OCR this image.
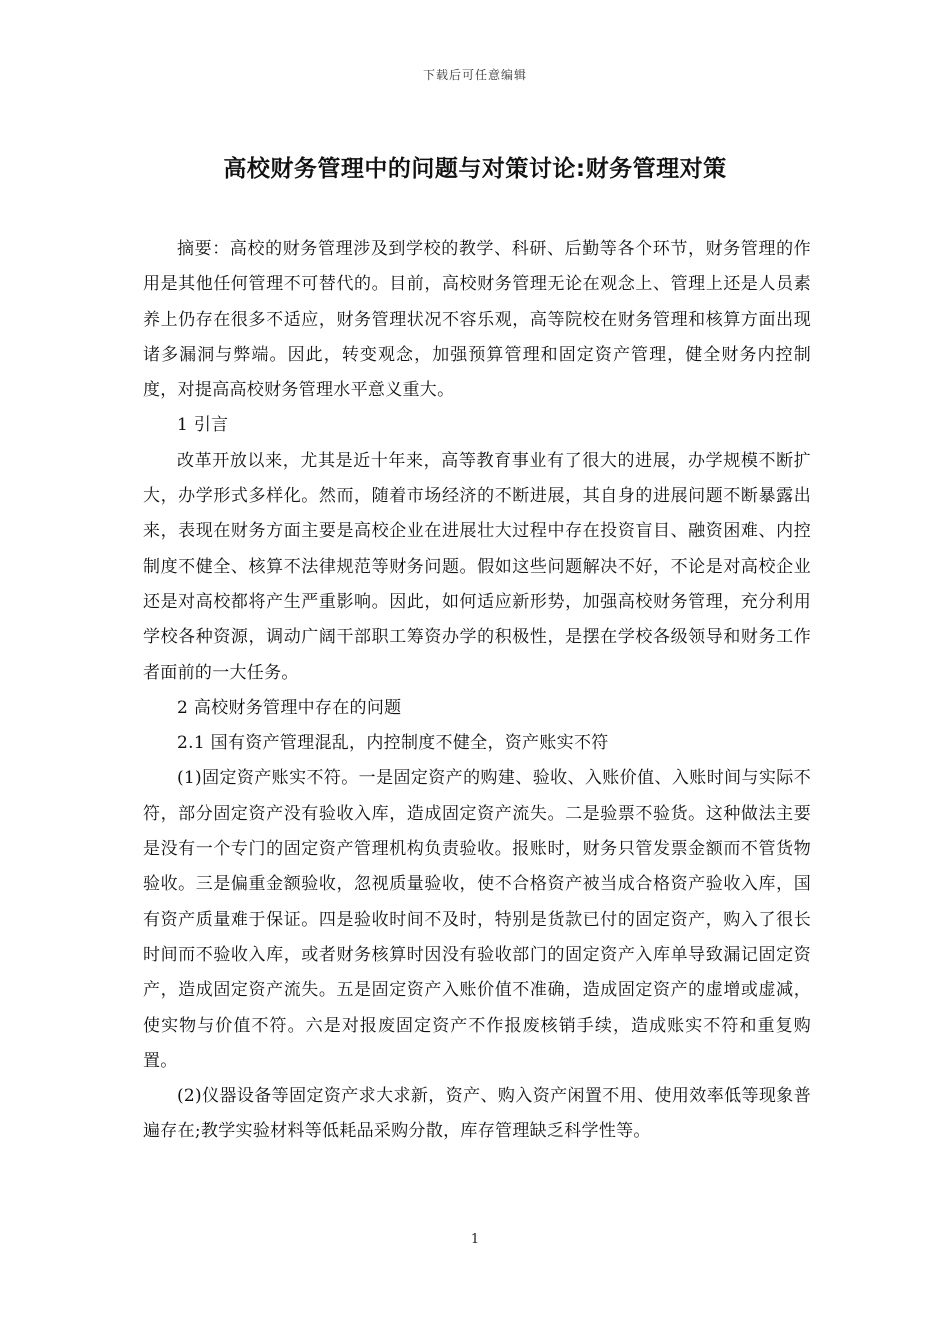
下载后可任意编辑
高校财务管理中的问题与对策讨论:财务管理对策

摘要：高校的财务管理涉及到学校的教学、科研、后勤等各个环节，财务管理的作用是其他任何管理不可替代的。目前，高校财务管理无论在观念上、管理上还是人员素养上仍存在很多不适应，财务管理状况不容乐观，高等院校在财务管理和核算方面出现诸多漏洞与弊端。因此，转变观念，加强预算管理和固定资产管理，健全财务内控制度，对提高高校财务管理水平意义重大。

1 引言

改革开放以来，尤其是近十年来，高等教育事业有了很大的进展，办学规模不断扩大，办学形式多样化。然而，随着市场经济的不断进展，其自身的进展问题不断暴露出来，表现在财务方面主要是高校企业在进展壮大过程中存在投资盲目、融资困难、内控制度不健全、核算不法律规范等财务问题。假如这些问题解决不好，不论是对高校企业还是对高校都将产生严重影响。因此，如何适应新形势，加强高校财务管理，充分利用学校各种资源，调动广阔干部职工筹资办学的积极性，是摆在学校各级领导和财务工作者面前的一大任务。

2 高校财务管理中存在的问题

2.1 国有资产管理混乱，内控制度不健全，资产账实不符

(1)固定资产账实不符。一是固定资产的购建、验收、入账价值、入账时间与实际不符，部分固定资产没有验收入库，造成固定资产流失。二是验票不验货。这种做法主要是没有一个专门的固定资产管理机构负责验收。报账时，财务只管发票金额而不管货物验收。三是偏重金额验收，忽视质量验收，使不合格资产被当成合格资产验收入库，国有资产质量难于保证。四是验收时间不及时，特别是货款已付的固定资产，购入了很长时间而不验收入库，或者财务核算时因没有验收部门的固定资产入库单导致漏记固定资产，造成固定资产流失。五是固定资产入账价值不准确，造成固定资产的虚增或虚减，使实物与价值不符。六是对报废固定资产不作报废核销手续，造成账实不符和重复购置。

(2)仪器设备等固定资产求大求新，资产、购入资产闲置不用、使用效率低等现象普遍存在;教学实验材料等低耗品采购分散，库存管理缺乏科学性等。

1
